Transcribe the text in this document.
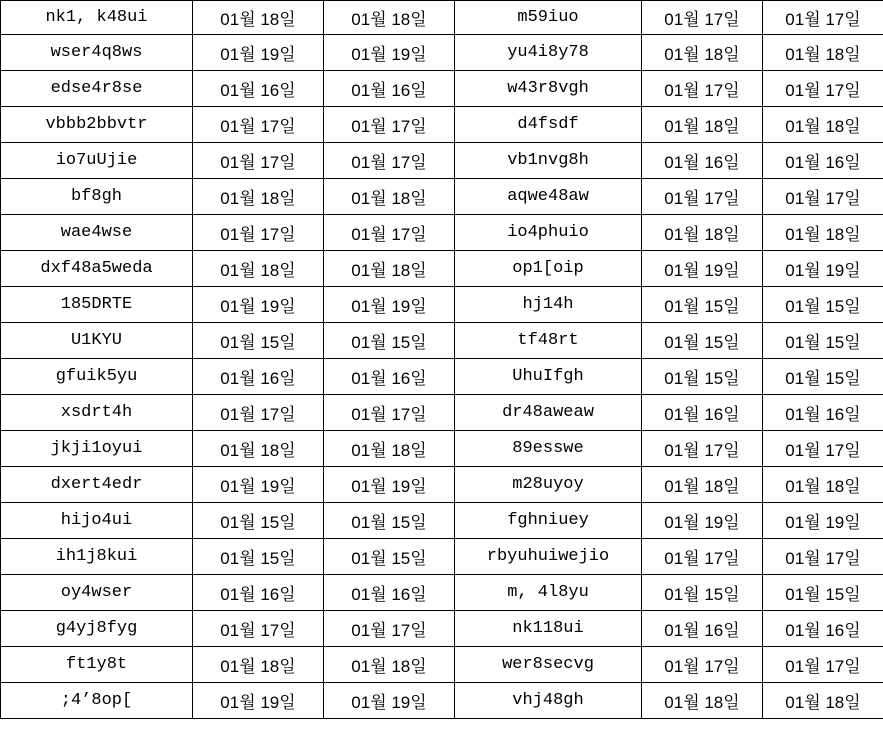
nk1, k48ui	01월 18일	01월 18일	m59iuo	01월 17일	01월 17일
wser4q8ws	01월 19일	01월 19일	yu4i8y78	01월 18일	01월 18일
edse4r8se	01월 16일	01월 16일	w43r8vgh	01월 17일	01월 17일
vbbb2bbvtr	01월 17일	01월 17일	d4fsdf	01월 18일	01월 18일
io7uUjie	01월 17일	01월 17일	vb1nvg8h	01월 16일	01월 16일
bf8gh	01월 18일	01월 18일	aqwe48aw	01월 17일	01월 17일
wae4wse	01월 17일	01월 17일	io4phuio	01월 18일	01월 18일
dxf48a5weda	01월 18일	01월 18일	op1[oip	01월 19일	01월 19일
185DRTE	01월 19일	01월 19일	hj14h	01월 15일	01월 15일
U1KYU	01월 15일	01월 15일	tf48rt	01월 15일	01월 15일
gfuik5yu	01월 16일	01월 16일	UhuIfgh	01월 15일	01월 15일
xsdrt4h	01월 17일	01월 17일	dr48aweaw	01월 16일	01월 16일
jkji1oyui	01월 18일	01월 18일	89esswe	01월 17일	01월 17일
dxert4edr	01월 19일	01월 19일	m28uyoy	01월 18일	01월 18일
hijo4ui	01월 15일	01월 15일	fghniuey	01월 19일	01월 19일
ih1j8kui	01월 15일	01월 15일	rbyuhuiwejio	01월 17일	01월 17일
oy4wser	01월 16일	01월 16일	m, 4l8yu	01월 15일	01월 15일
g4yj8fyg	01월 17일	01월 17일	nk118ui	01월 16일	01월 16일
ft1y8t	01월 18일	01월 18일	wer8secvg	01월 17일	01월 17일
;4’8op[	01월 19일	01월 19일	vhj48gh	01월 18일	01월 18일
